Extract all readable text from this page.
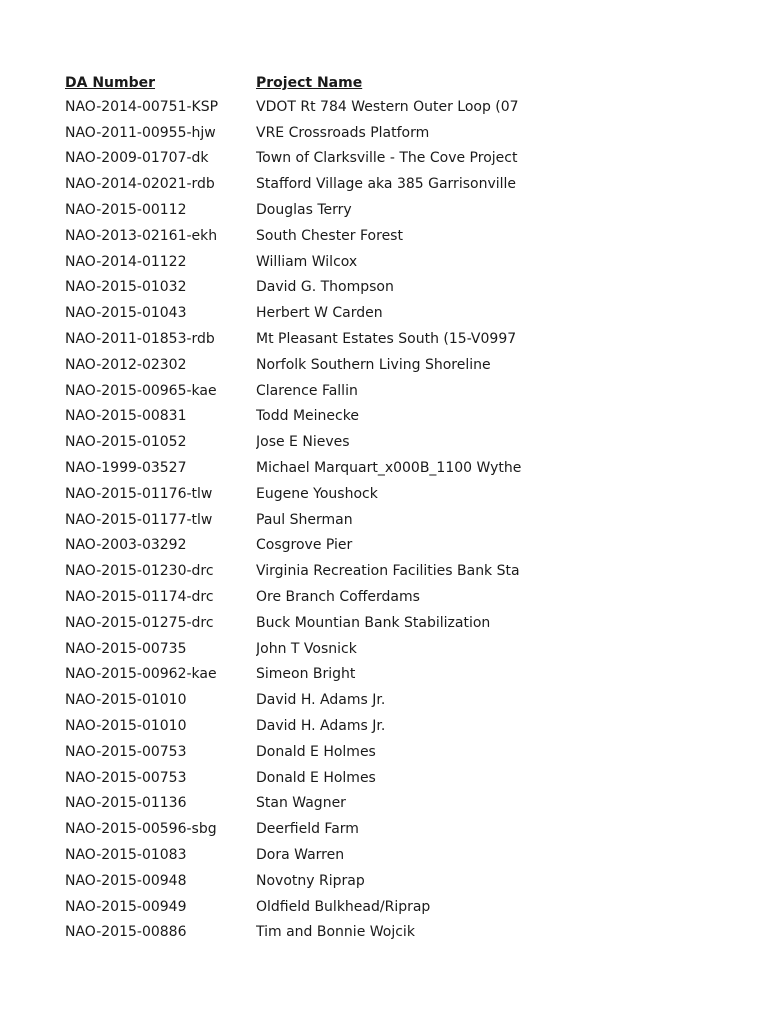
DA Number	Project Name
NAO-2014-00751-KSP	VDOT Rt 784 Western Outer Loop (07
NAO-2011-00955-hjw	VRE Crossroads Platform
NAO-2009-01707-dk	Town of Clarksville - The Cove Project
NAO-2014-02021-rdb	Stafford Village aka 385 Garrisonville
NAO-2015-00112	Douglas Terry
NAO-2013-02161-ekh	South Chester Forest
NAO-2014-01122	William Wilcox
NAO-2015-01032	David G. Thompson
NAO-2015-01043	Herbert W Carden
NAO-2011-01853-rdb	Mt Pleasant Estates South (15-V0997
NAO-2012-02302	Norfolk Southern Living Shoreline
NAO-2015-00965-kae	Clarence Fallin
NAO-2015-00831	Todd Meinecke
NAO-2015-01052	Jose E Nieves
NAO-1999-03527	Michael Marquart_x000B_1100 Wythe
NAO-2015-01176-tlw	Eugene Youshock
NAO-2015-01177-tlw	Paul Sherman
NAO-2003-03292	Cosgrove Pier
NAO-2015-01230-drc	Virginia Recreation Facilities Bank Sta
NAO-2015-01174-drc	Ore Branch Cofferdams
NAO-2015-01275-drc	Buck Mountian Bank Stabilization
NAO-2015-00735	John T Vosnick
NAO-2015-00962-kae	Simeon Bright
NAO-2015-01010	David H. Adams Jr.
NAO-2015-01010	David H. Adams Jr.
NAO-2015-00753	Donald E Holmes
NAO-2015-00753	Donald E Holmes
NAO-2015-01136	Stan Wagner
NAO-2015-00596-sbg	Deerfield Farm
NAO-2015-01083	Dora Warren
NAO-2015-00948	Novotny Riprap
NAO-2015-00949	Oldfield Bulkhead/Riprap
NAO-2015-00886	Tim and Bonnie Wojcik
